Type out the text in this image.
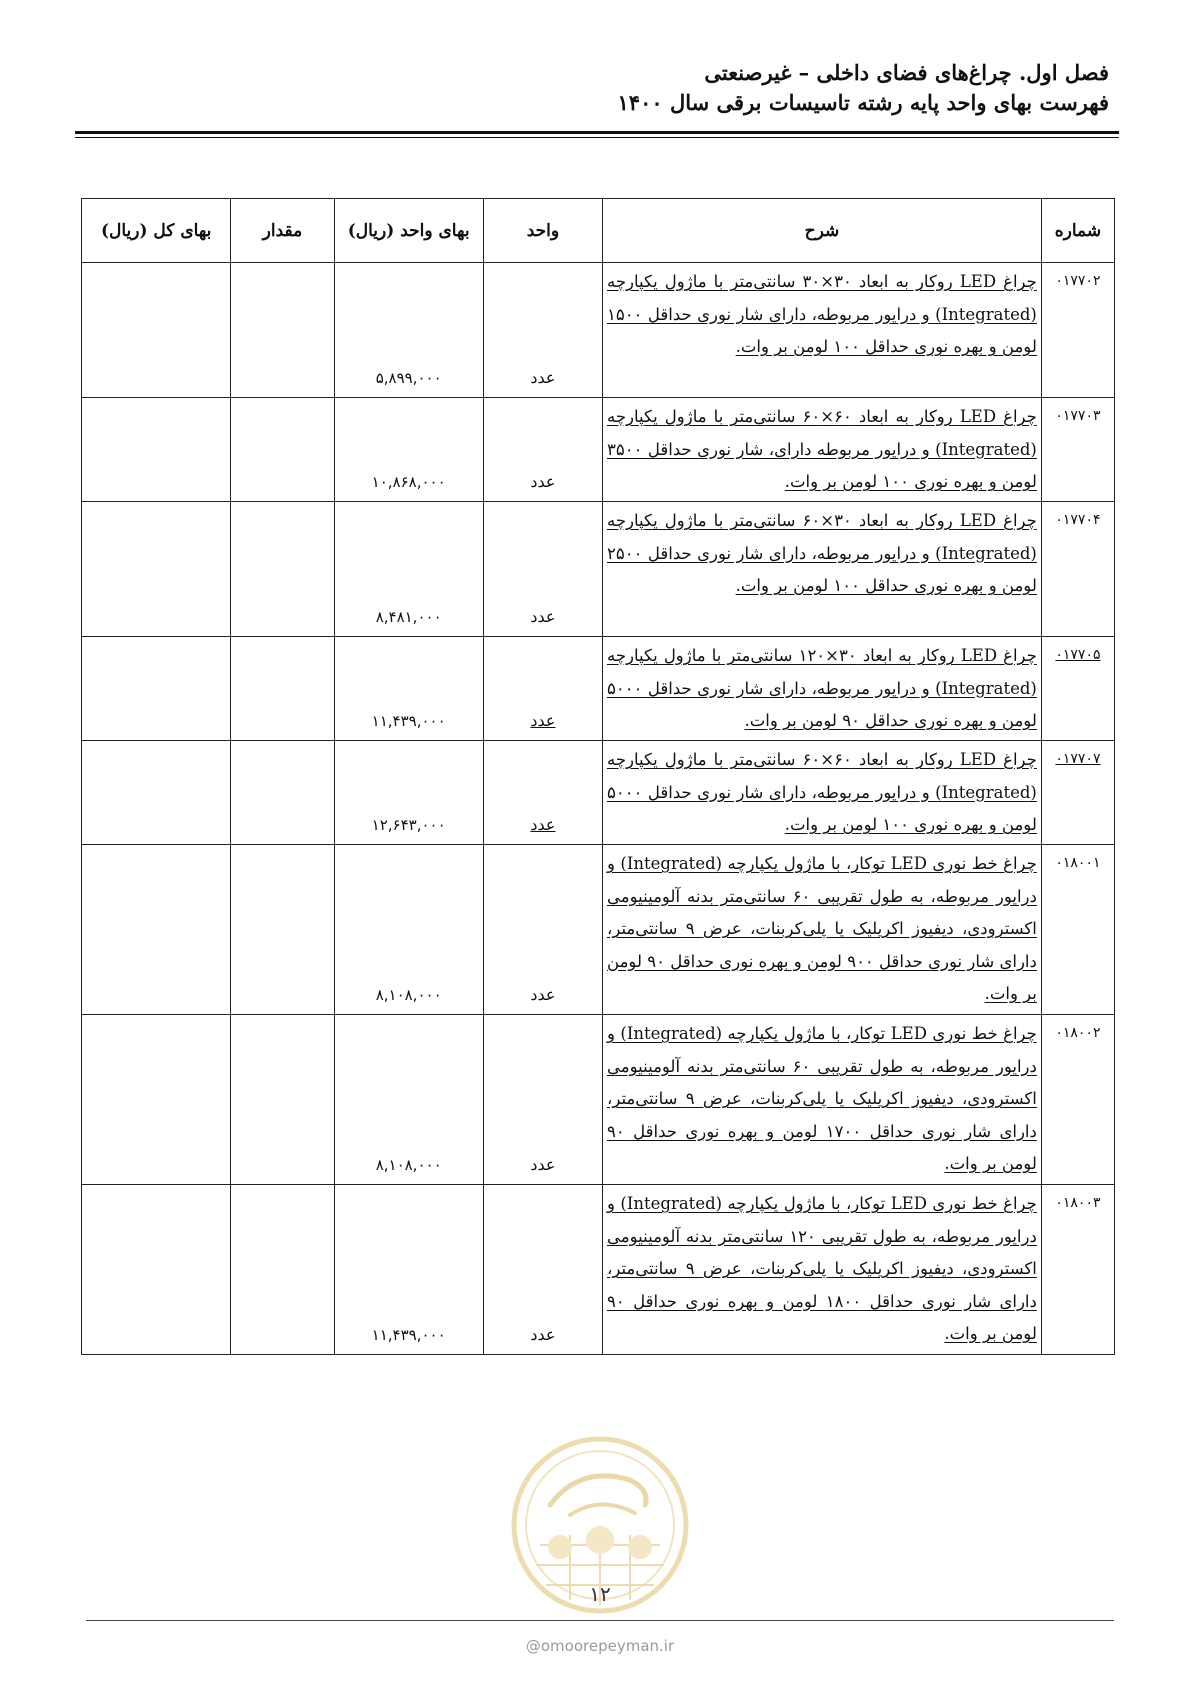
فصل اول. چراغ‌های فضای داخلی – غیرصنعتی
فهرست بهای واحد پایه رشته تاسیسات برقی سال ۱۴۰۰
شماره	شرح	واحد	بهای واحد (ریال)	مقدار	بهای کل (ریال)
۰۱۷۷۰۲	چراغ LED روکار به ابعاد ۳۰×۳۰ سانتی‌متر با ماژول یکپارچه (Integrated) و درایور مربوطه، دارای شار نوری حداقل ۱۵۰۰ لومن و بهره نوری حداقل ۱۰۰ لومن بر وات.	عدد	۵,۸۹۹,۰۰۰		
۰۱۷۷۰۳	چراغ LED روکار به ابعاد ۶۰×۶۰ سانتی‌متر با ماژول یکپارچه (Integrated) و درایور مربوطه دارای، شار نوری حداقل ۳۵۰۰ لومن و بهره نوری ۱۰۰ لومن بر وات.	عدد	۱۰,۸۶۸,۰۰۰		
۰۱۷۷۰۴	چراغ LED روکار به ابعاد ۳۰×۶۰ سانتی‌متر با ماژول یکپارچه (Integrated) و درایور مربوطه، دارای شار نوری حداقل ۲۵۰۰ لومن و بهره نوری حداقل ۱۰۰ لومن بر وات.	عدد	۸,۴۸۱,۰۰۰		
۰۱۷۷۰۵	چراغ LED روکار به ابعاد ۳۰×۱۲۰ سانتی‌متر با ماژول یکپارچه (Integrated) و درایور مربوطه، دارای شار نوری حداقل ۵۰۰۰ لومن و بهره نوری حداقل ۹۰ لومن بر وات.	عدد	۱۱,۴۳۹,۰۰۰		
۰۱۷۷۰۷	چراغ LED روکار به ابعاد ۶۰×۶۰ سانتی‌متر با ماژول یکپارچه (Integrated) و درایور مربوطه، دارای شار نوری حداقل ۵۰۰۰ لومن و بهره نوری ۱۰۰ لومن بر وات.	عدد	۱۲,۶۴۳,۰۰۰		
۰۱۸۰۰۱	چراغ خط نوری LED توکار، با ماژول یکپارچه (Integrated) و درایور مربوطه، به طول تقریبی ۶۰ سانتی‌متر بدنه آلومینیومی اکسترودی، دیفیوز اکریلیک یا پلی‌کربنات، عرض ۹ سانتی‌متر، دارای شار نوری حداقل ۹۰۰ لومن و بهره نوری حداقل ۹۰ لومن بر وات.	عدد	۸,۱۰۸,۰۰۰		
۰۱۸۰۰۲	چراغ خط نوری LED توکار، با ماژول یکپارچه (Integrated) و درایور مربوطه، به طول تقریبی ۶۰ سانتی‌متر بدنه آلومینیومی اکسترودی، دیفیوز اکریلیک یا پلی‌کربنات، عرض ۹ سانتی‌متر، دارای شار نوری حداقل ۱۷۰۰ لومن و بهره نوری حداقل ۹۰ لومن بر وات.	عدد	۸,۱۰۸,۰۰۰		
۰۱۸۰۰۳	چراغ خط نوری LED توکار، با ماژول یکپارچه (Integrated) و درایور مربوطه، به طول تقریبی ۱۲۰ سانتی‌متر بدنه آلومینیومی اکسترودی، دیفیوز اکریلیک یا پلی‌کربنات، عرض ۹ سانتی‌متر، دارای شار نوری حداقل ۱۸۰۰ لومن و بهره نوری حداقل ۹۰ لومن بر وات.	عدد	۱۱,۴۳۹,۰۰۰		
۱۲
@omoorepeyman.ir
